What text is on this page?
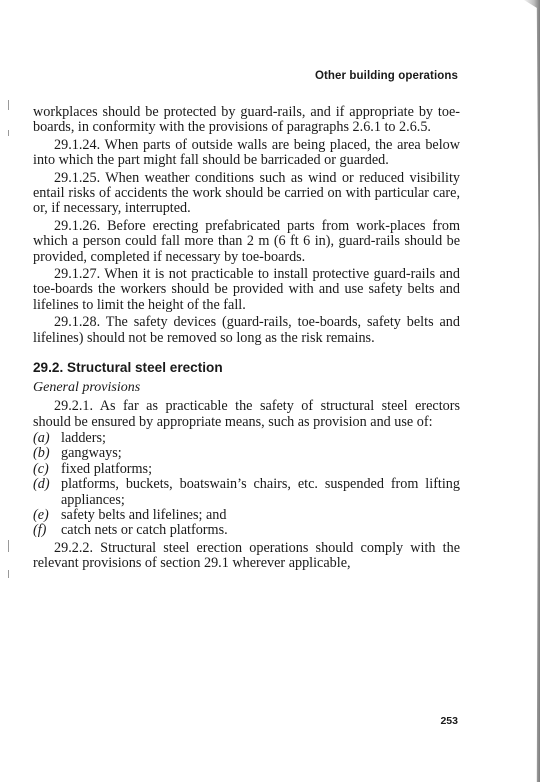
Other building operations

workplaces should be protected by guard-rails, and if appropriate by toe-boards, in conformity with the provisions of paragraphs 2.6.1 to 2.6.5.

29.1.24. When parts of outside walls are being placed, the area below into which the part might fall should be barricaded or guarded.

29.1.25. When weather conditions such as wind or reduced visibility entail risks of accidents the work should be carried on with particular care, or, if necessary, interrupted.

29.1.26. Before erecting prefabricated parts from work-places from which a person could fall more than 2 m (6 ft 6 in), guard-rails should be provided, completed if necessary by toe-boards.

29.1.27. When it is not practicable to install protective guard-rails and toe-boards the workers should be provided with and use safety belts and lifelines to limit the height of the fall.

29.1.28. The safety devices (guard-rails, toe-boards, safety belts and lifelines) should not be removed so long as the risk remains.

29.2. Structural steel erection
General provisions

29.2.1. As far as practicable the safety of structural steel erectors should be ensured by appropriate means, such as provision and use of:

(a) ladders;
(b) gangways;
(c) fixed platforms;
(d) platforms, buckets, boatswain’s chairs, etc. suspended from lifting appliances;
(e) safety belts and lifelines; and
(f)	catch nets or catch platforms.

29.2.2. Structural steel erection operations should comply with the relevant provisions of section 29.1 wherever applicable,

253
